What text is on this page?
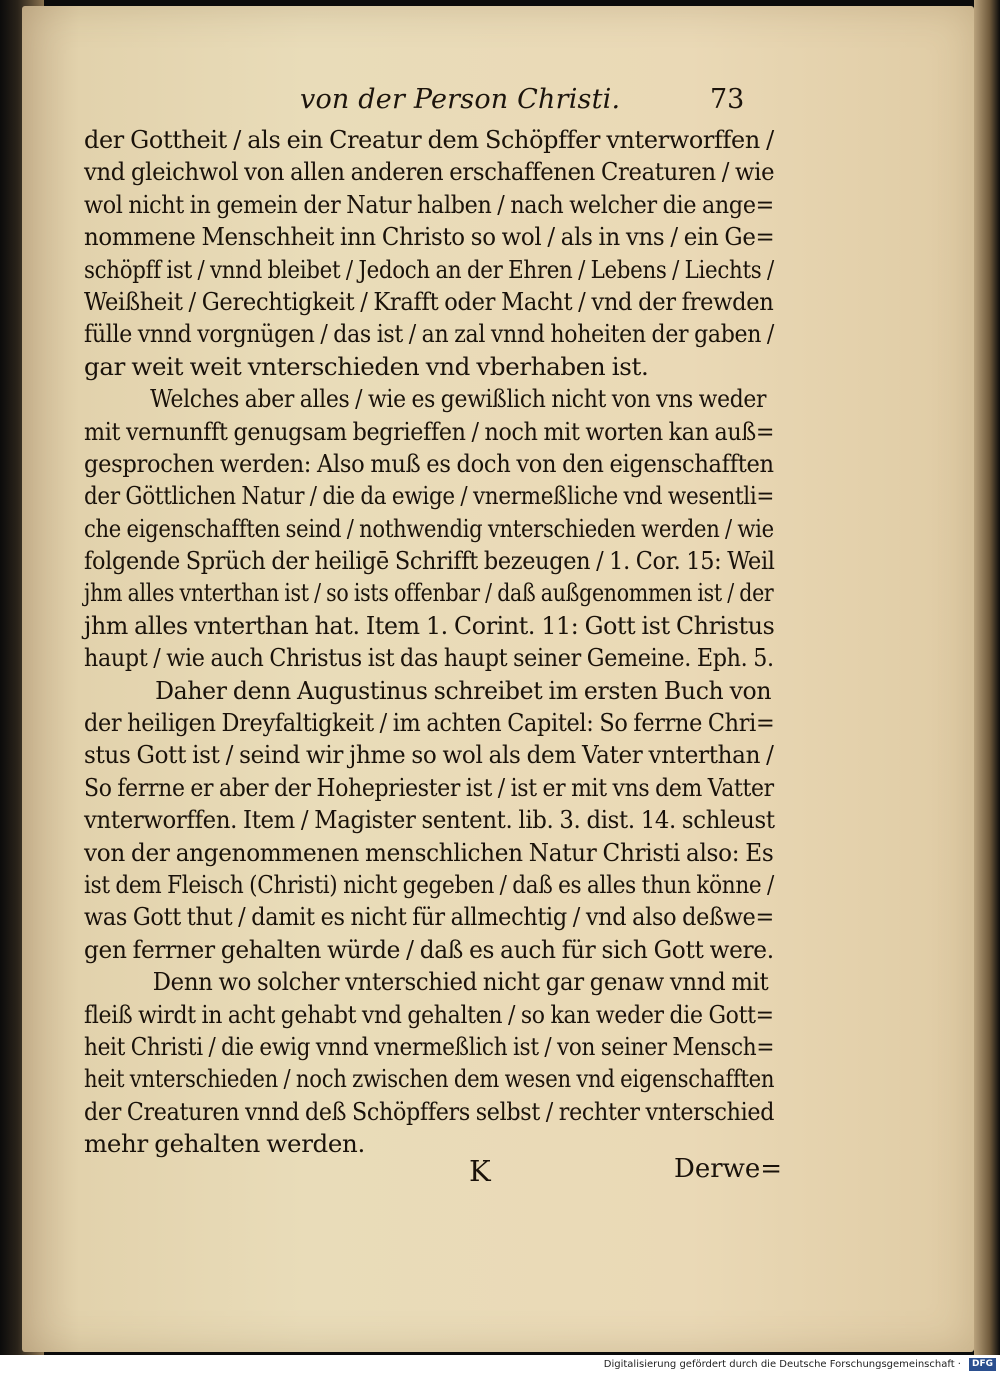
von der Person Christi.	73
der Gottheit / als ein Creatur dem Schöpffer vnterworffen /
vnd gleichwol von allen anderen erschaffenen Creaturen / wie
wol nicht in gemein der Natur halben / nach welcher die ange=
nommene Menschheit inn Christo so wol / als in vns / ein Ge=
schöpff ist / vnnd bleibet / Jedoch an der Ehren / Lebens / Liechts /
Weißheit / Gerechtigkeit / Krafft oder Macht / vnd der frewden
fülle vnnd vorgnügen / das ist / an zal vnnd hoheiten der gaben /
gar weit weit vnterschieden vnd vberhaben ist.
Welches aber alles / wie es gewißlich nicht von vns weder
mit vernunfft genugsam begrieffen / noch mit worten kan auß=
gesprochen werden: Also muß es doch von den eigenschafften
der Göttlichen Natur / die da ewige / vnermeßliche vnd wesentli=
che eigenschafften seind / nothwendig vnterschieden werden / wie
folgende Sprüch der heiligē Schrifft bezeugen / 1. Cor. 15: Weil
jhm alles vnterthan ist / so ists offenbar / daß außgenommen ist / der
jhm alles vnterthan hat. Item 1. Corint. 11: Gott ist Christus
haupt / wie auch Christus ist das haupt seiner Gemeine. Eph. 5.
Daher denn Augustinus schreibet im ersten Buch von
der heiligen Dreyfaltigkeit / im achten Capitel: So ferrne Chri=
stus Gott ist / seind wir jhme so wol als dem Vater vnterthan /
So ferrne er aber der Hohepriester ist / ist er mit vns dem Vatter
vnterworffen. Item / Magister sentent. lib. 3. dist. 14. schleust
von der angenommenen menschlichen Natur Christi also: Es
ist dem Fleisch (Christi) nicht gegeben / daß es alles thun könne /
was Gott thut / damit es nicht für allmechtig / vnd also deßwe=
gen ferrner gehalten würde / daß es auch für sich Gott were.
Denn wo solcher vnterschied nicht gar genaw vnnd mit
fleiß wirdt in acht gehabt vnd gehalten / so kan weder die Gott=
heit Christi / die ewig vnnd vnermeßlich ist / von seiner Mensch=
heit vnterschieden / noch zwischen dem wesen vnd eigenschafften
der Creaturen vnnd deß Schöpffers selbst / rechter vnterschied
mehr gehalten werden.
K	Derwe=
Digitalisierung gefördert durch die Deutsche Forschungsgemeinschaft ·	DFG
